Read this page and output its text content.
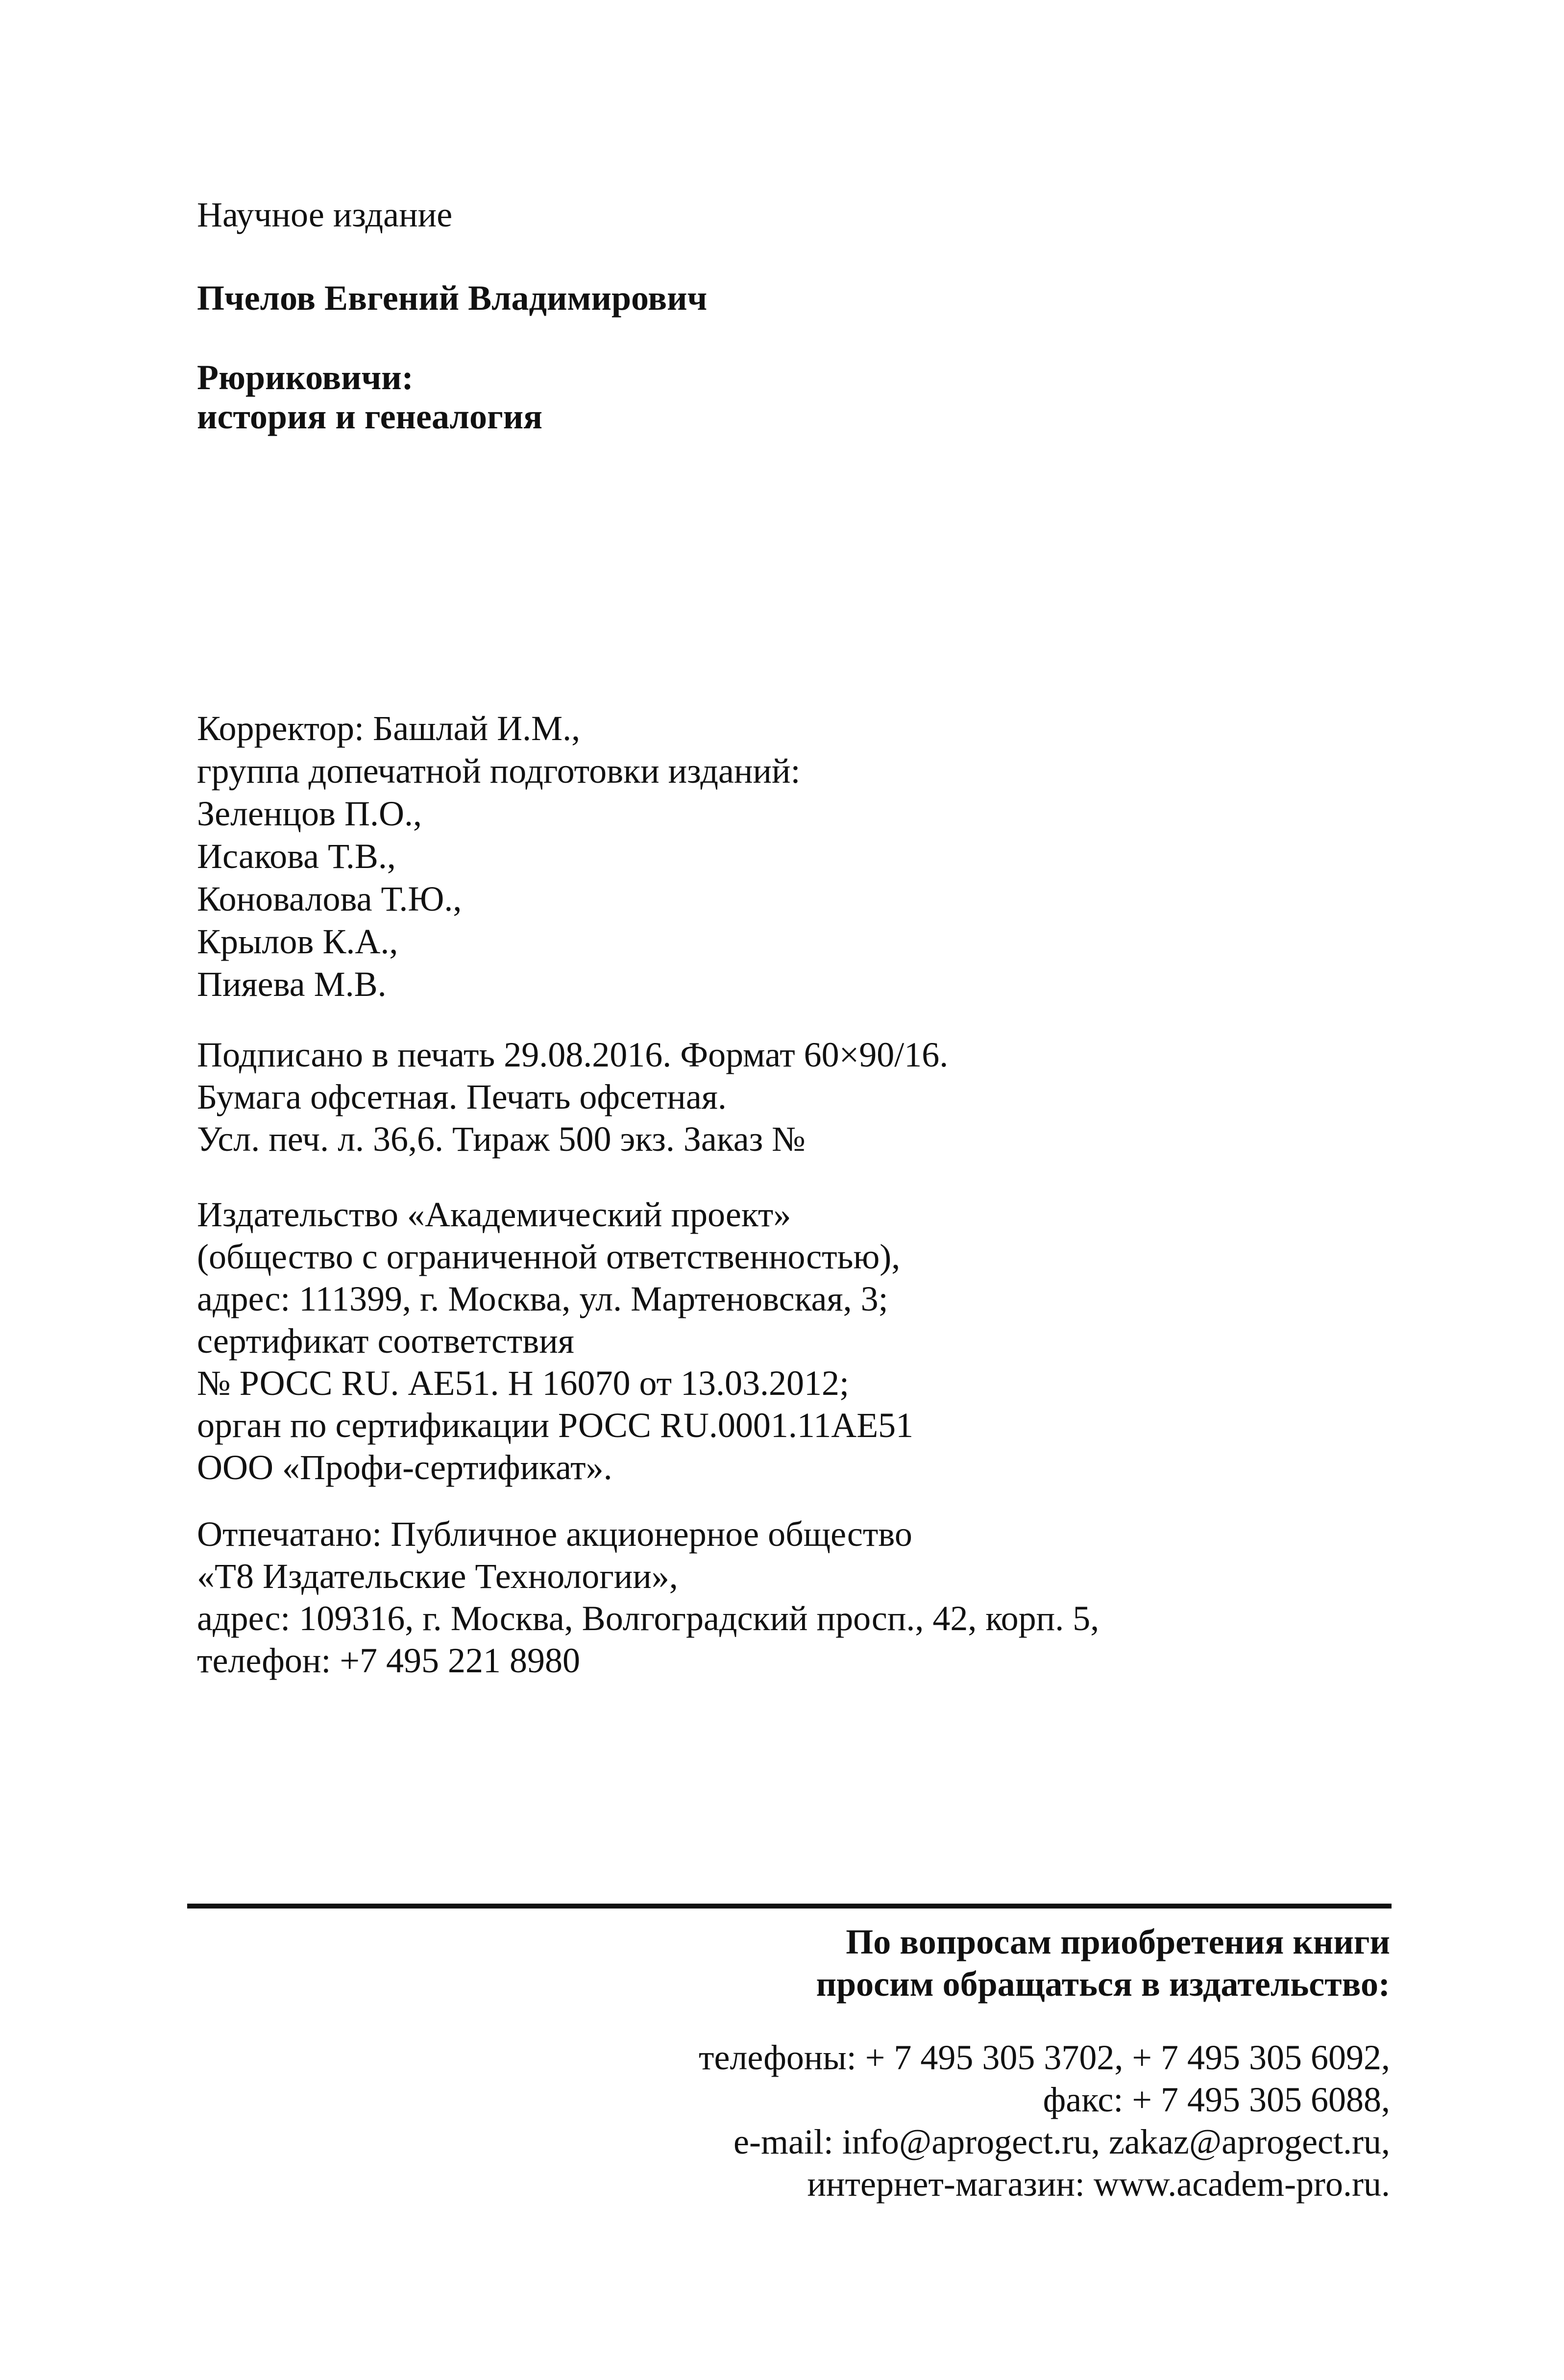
Научное издание

Пчелов Евгений Владимирович

Рюриковичи:

история и генеалогия

Корректор: Башлай И.М.,

группа допечатной подготовки изданий:

Зеленцов П.О.,

Исакова Т.В.,

Коновалова Т.Ю.,

Крылов К.А.,

Пияева М.В.

Подписано в печать 29.08.2016. Формат 60×90/16.

Бумага офсетная. Печать офсетная.

Усл. печ. л. 36,6. Тираж 500 экз. Заказ №

Издательство «Академический проект»

(общество с ограниченной ответственностью),

адрес: 111399, г. Москва, ул. Мартеновская, 3;

сертификат соответствия

№ РОСС RU. АЕ51. Н 16070 от 13.03.2012;

орган по сертификации РОСС RU.0001.11АЕ51

ООО «Профи-сертификат».

Отпечатано: Публичное акционерное общество

«Т8 Издательские Технологии»,

адрес: 109316, г. Москва, Волгоградский просп., 42, корп. 5,

телефон: +7 495 221 8980

По вопросам приобретения книги

просим обращаться в издательство:

телефоны: + 7 495 305 3702, + 7 495 305 6092,

факс: + 7 495 305 6088,

e-mail: info@aprogect.ru, zakaz@aprogect.ru,

интернет-магазин: www.academ-pro.ru.
